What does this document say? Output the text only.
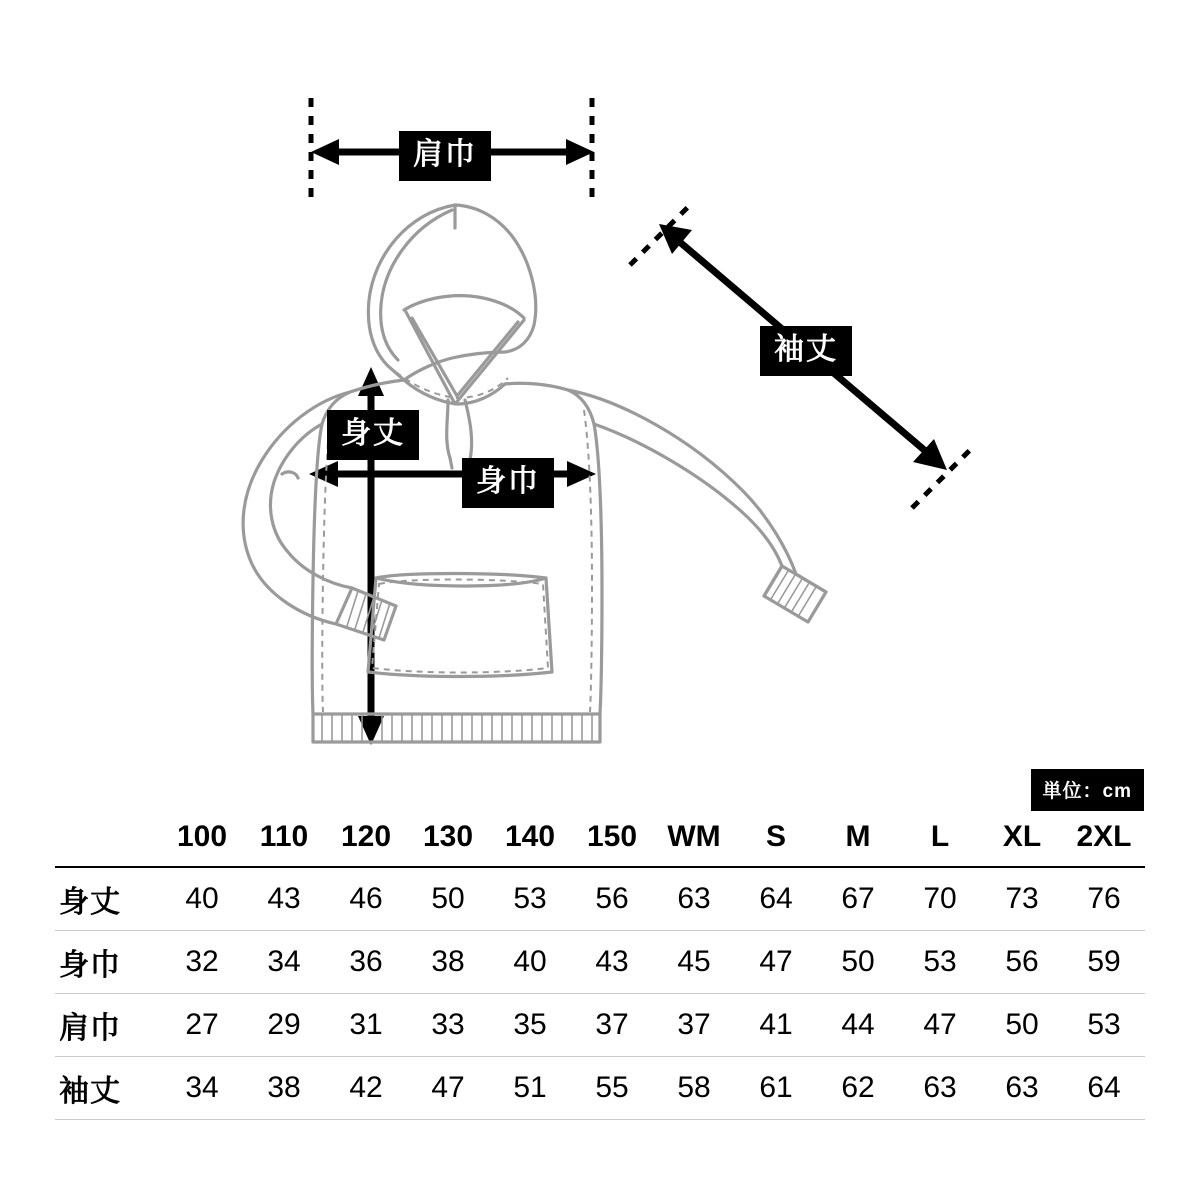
肩巾
袖丈
身丈
身巾
単位：cm
	100	110	120	130	140	150	WM	S	M	L	XL	2XL
身丈	40	43	46	50	53	56	63	64	67	70	73	76
身巾	32	34	36	38	40	43	45	47	50	53	56	59
肩巾	27	29	31	33	35	37	37	41	44	47	50	53
袖丈	34	38	42	47	51	55	58	61	62	63	63	64
